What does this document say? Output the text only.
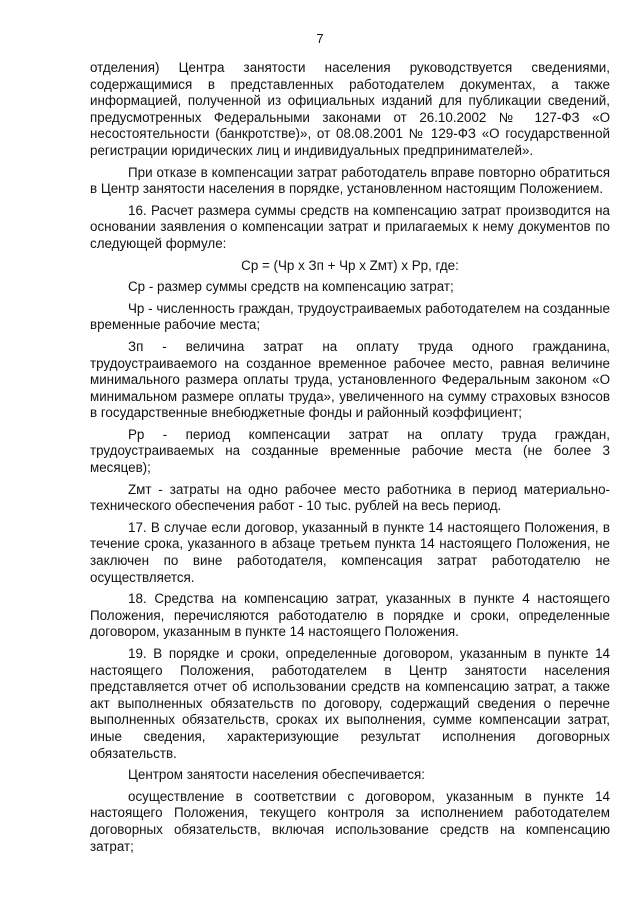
7

отделения) Центра занятости населения руководствуется сведениями, содержащимися в представленных работодателем документах, а также информацией, полученной из официальных изданий для публикации сведений, предусмотренных Федеральными законами от 26.10.2002 № 127-ФЗ «О несостоятельности (банкротстве)», от 08.08.2001 № 129-ФЗ «О государственной регистрации юридических лиц и индивидуальных предпринимателей».

При отказе в компенсации затрат работодатель вправе повторно обратиться в Центр занятости населения в порядке, установленном настоящим Положением.

16. Расчет размера суммы средств на компенсацию затрат производится на основании заявления о компенсации затрат и прилагаемых к нему документов по следующей формуле:

Ср = (Чр х Зп + Чр х Zмт) х Рр, где:

Ср - размер суммы средств на компенсацию затрат;

Чр - численность граждан, трудоустраиваемых работодателем на созданные временные рабочие места;

Зп - величина затрат на оплату труда одного гражданина, трудоустраиваемого на созданное временное рабочее место, равная величине минимального размера оплаты труда, установленного Федеральным законом «О минимальном размере оплаты труда», увеличенного на сумму страховых взносов в государственные внебюджетные фонды и районный коэффициент;

Рр - период компенсации затрат на оплату труда граждан, трудоустраиваемых на созданные временные рабочие места (не более 3 месяцев);

Zмт - затраты на одно рабочее место работника в период материально-технического обеспечения работ - 10 тыс. рублей на весь период.

17. В случае если договор, указанный в пункте 14 настоящего Положения, в течение срока, указанного в абзаце третьем пункта 14 настоящего Положения, не заключен по вине работодателя, компенсация затрат работодателю не осуществляется.

18. Средства на компенсацию затрат, указанных в пункте 4 настоящего Положения, перечисляются работодателю в порядке и сроки, определенные договором, указанным в пункте 14 настоящего Положения.

19. В порядке и сроки, определенные договором, указанным в пункте 14 настоящего Положения, работодателем в Центр занятости населения представляется отчет об использовании средств на компенсацию затрат, а также акт выполненных обязательств по договору, содержащий сведения о перечне выполненных обязательств, сроках их выполнения, сумме компенсации затрат, иные сведения, характеризующие результат исполнения договорных обязательств.

Центром занятости населения обеспечивается:

осуществление в соответствии с договором, указанным в пункте 14 настоящего Положения, текущего контроля за исполнением работодателем договорных обязательств, включая использование средств на компенсацию затрат;
